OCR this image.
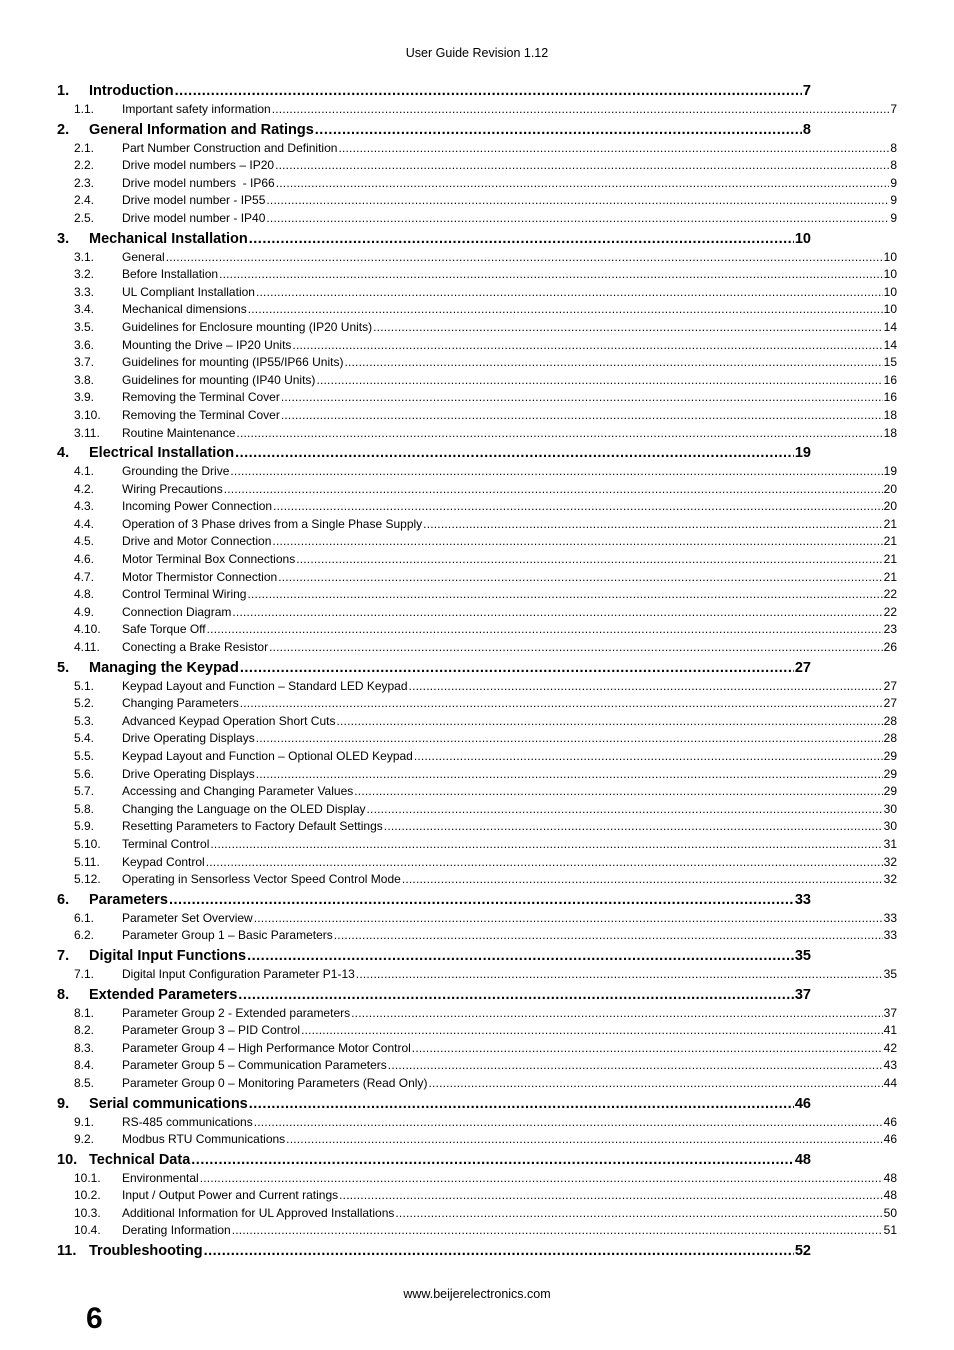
User Guide Revision 1.12
1.	Introduction .....	7
1.1.	Important safety information .....	7
2.	General Information and Ratings .....	8
2.1.	Part Number Construction and Definition .....	8
2.2.	Drive model numbers – IP20 .....	8
2.3.	Drive model numbers  - IP66 .....	9
2.4.	Drive model number - IP55 .....	9
2.5.	Drive model number - IP40 .....	9
3.	Mechanical Installation .....	10
3.1.	General .....	10
3.2.	Before Installation .....	10
3.3.	UL Compliant Installation .....	10
3.4.	Mechanical dimensions .....	10
3.5.	Guidelines for Enclosure mounting (IP20 Units) .....	14
3.6.	Mounting the Drive – IP20 Units .....	14
3.7.	Guidelines for mounting (IP55/IP66 Units) .....	15
3.8.	Guidelines for mounting (IP40 Units) .....	16
3.9.	Removing the Terminal Cover .....	16
3.10.	Removing the Terminal Cover .....	18
3.11.	Routine Maintenance .....	18
4.	Electrical Installation .....	19
4.1.	Grounding the Drive .....	19
4.2.	Wiring Precautions .....	20
4.3.	Incoming Power Connection .....	20
4.4.	Operation of 3 Phase drives from a Single Phase Supply .....	21
4.5.	Drive and Motor Connection .....	21
4.6.	Motor Terminal Box Connections .....	21
4.7.	Motor Thermistor Connection .....	21
4.8.	Control Terminal Wiring .....	22
4.9.	Connection Diagram .....	22
4.10.	Safe Torque Off .....	23
4.11.	Conecting a Brake Resistor .....	26
5.	Managing the Keypad .....	27
5.1.	Keypad Layout and Function – Standard LED Keypad .....	27
5.2.	Changing Parameters .....	27
5.3.	Advanced Keypad Operation Short Cuts .....	28
5.4.	Drive Operating Displays .....	28
5.5.	Keypad Layout and Function – Optional OLED Keypad .....	29
5.6.	Drive Operating Displays .....	29
5.7.	Accessing and Changing Parameter Values .....	29
5.8.	Changing the Language on the OLED Display .....	30
5.9.	Resetting Parameters to Factory Default Settings .....	30
5.10.	Terminal Control .....	31
5.11.	Keypad Control .....	32
5.12.	Operating in Sensorless Vector Speed Control Mode .....	32
6.	Parameters .....	33
6.1.	Parameter Set Overview .....	33
6.2.	Parameter Group 1 – Basic Parameters .....	33
7.	Digital Input Functions .....	35
7.1.	Digital Input Configuration Parameter P1-13 .....	35
8.	Extended Parameters .....	37
8.1.	Parameter Group 2 - Extended parameters .....	37
8.2.	Parameter Group 3 – PID Control .....	41
8.3.	Parameter Group 4 – High Performance Motor Control .....	42
8.4.	Parameter Group 5 – Communication Parameters .....	43
8.5.	Parameter Group 0 – Monitoring Parameters (Read Only) .....	44
9.	Serial communications .....	46
9.1.	RS-485 communications .....	46
9.2.	Modbus RTU Communications .....	46
10. Technical Data .....	48
10.1.	Environmental .....	48
10.2.	Input / Output Power and Current ratings .....	48
10.3.	Additional Information for UL Approved Installations .....	50
10.4.	Derating Information .....	51
11. Troubleshooting .....	52
www.beijerelectronics.com
6
